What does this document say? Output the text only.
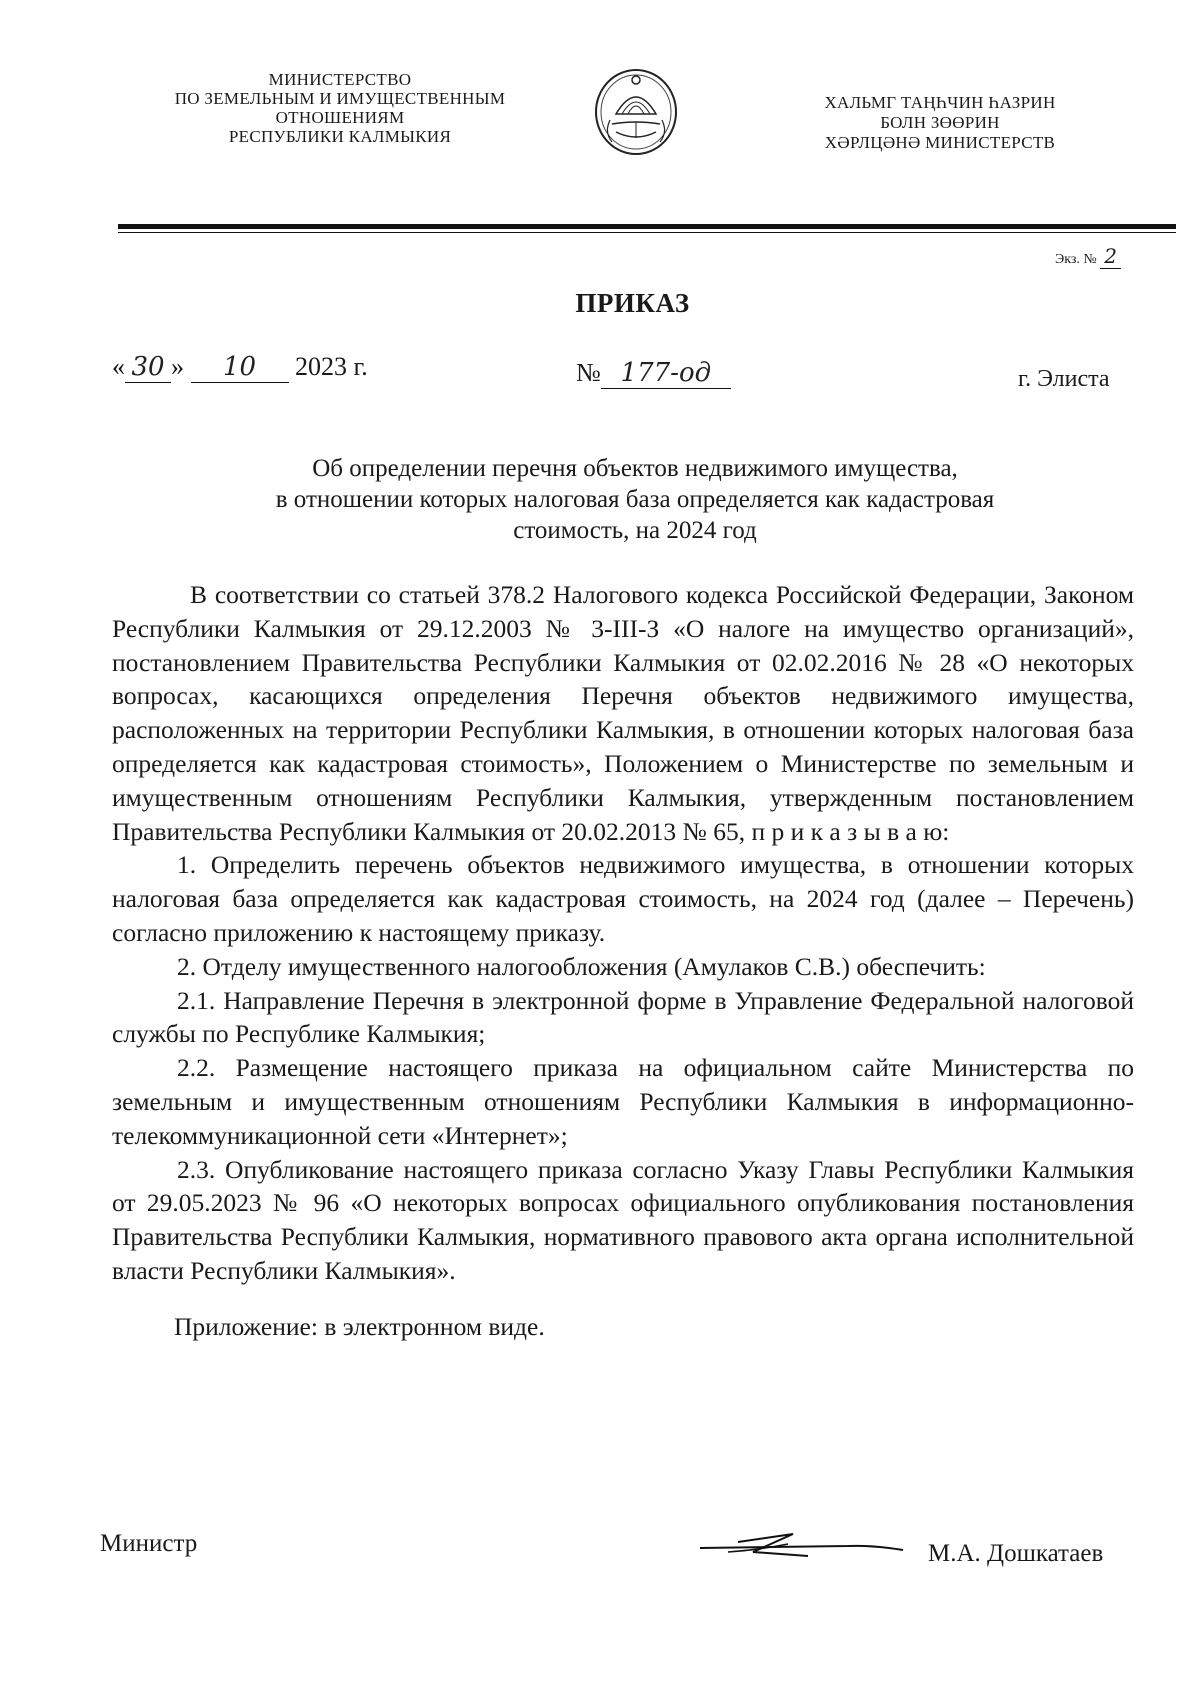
МИНИСТЕРСТВО
ПО ЗЕМЕЛЬНЫМ И ИМУЩЕСТВЕННЫМ
ОТНОШЕНИЯМ
РЕСПУБЛИКИ КАЛМЫКИЯ
ХАЛЬМГ ТАҢҺЧИН ҺАЗРИН
БОЛН ЗӨӨРИН
ХӘРЛЦӘНӘ МИНИСТЕРСТВ
Экз. № 2
ПРИКАЗ
« 30 » 10 2023 г.	№ 177-од	г. Элиста
Об определении перечня объектов недвижимого имущества,
в отношении которых налоговая база определяется как кадастровая
стоимость, на 2024 год

В соответствии со статьей 378.2 Налогового кодекса Российской Федерации, Законом Республики Калмыкия от 29.12.2003 № 3-III-З «О налоге на имущество организаций», постановлением Правительства Республики Калмыкия от 02.02.2016 № 28 «О некоторых вопросах, касающихся определения Перечня объектов недвижимого имущества, расположенных на территории Республики Калмыкия, в отношении которых налоговая база определяется как кадастровая стоимость», Положением о Министерстве по земельным и имущественным отношениям Республики Калмыкия, утвержденным постановлением Правительства Республики Калмыкия от 20.02.2013 № 65, п р и к а з ы в а ю:

1. Определить перечень объектов недвижимого имущества, в отношении которых налоговая база определяется как кадастровая стоимость, на 2024 год (далее – Перечень) согласно приложению к настоящему приказу.

2. Отделу имущественного налогообложения (Амулаков С.В.) обеспечить:

2.1. Направление Перечня в электронной форме в Управление Федеральной налоговой службы по Республике Калмыкия;

2.2. Размещение настоящего приказа на официальном сайте Министерства по земельным и имущественным отношениям Республики Калмыкия в информационно-телекоммуникационной сети «Интернет»;

2.3. Опубликование настоящего приказа согласно Указу Главы Республики Калмыкия от 29.05.2023 № 96 «О некоторых вопросах официального опубликования постановления Правительства Республики Калмыкия, нормативного правового акта органа исполнительной власти Республики Калмыкия».

Приложение: в электронном виде.

Министр	М.А. Дошкатаев
